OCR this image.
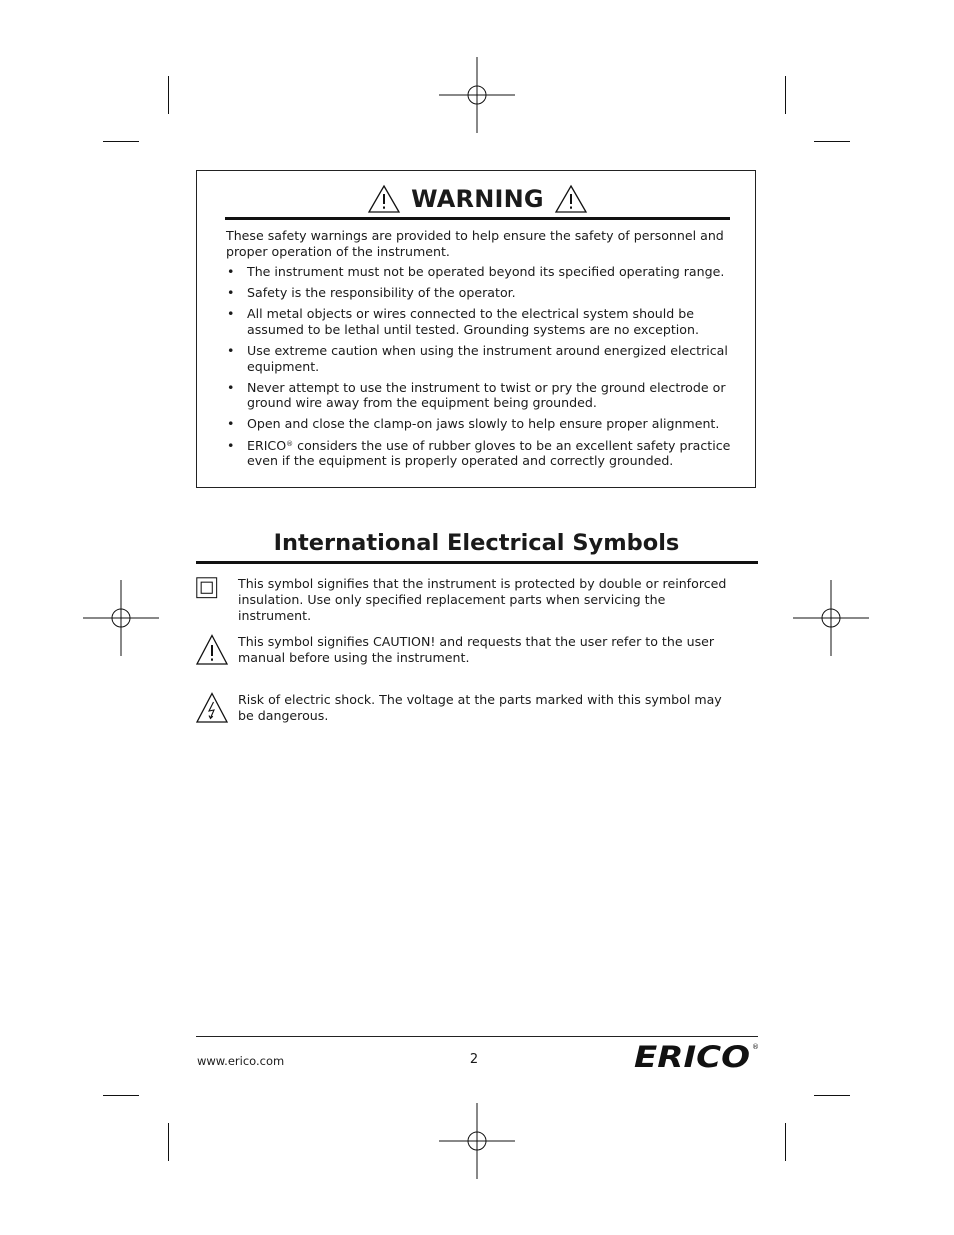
WARNING

These safety warnings are provided to help ensure the safety of personnel and proper operation of the instrument.

• The instrument must not be operated beyond its specified operating range.
• Safety is the responsibility of the operator.
• All metal objects or wires connected to the electrical system should be assumed to be lethal until tested. Grounding systems are no exception.
• Use extreme caution when using the instrument around energized electrical equipment.
• Never attempt to use the instrument to twist or pry the ground electrode or ground wire away from the equipment being grounded.
• Open and close the clamp-on jaws slowly to help ensure proper alignment.
• ERICO® considers the use of rubber gloves to be an excellent safety practice even if the equipment is properly operated and correctly grounded.
International Electrical Symbols
This symbol signifies that the instrument is protected by double or reinforced insulation. Use only specified replacement parts when servicing the instrument.
This symbol signifies CAUTION! and requests that the user refer to the user manual before using the instrument.
Risk of electric shock. The voltage at the parts marked with this symbol may be dangerous.
www.erico.com	2	ERICO ®
